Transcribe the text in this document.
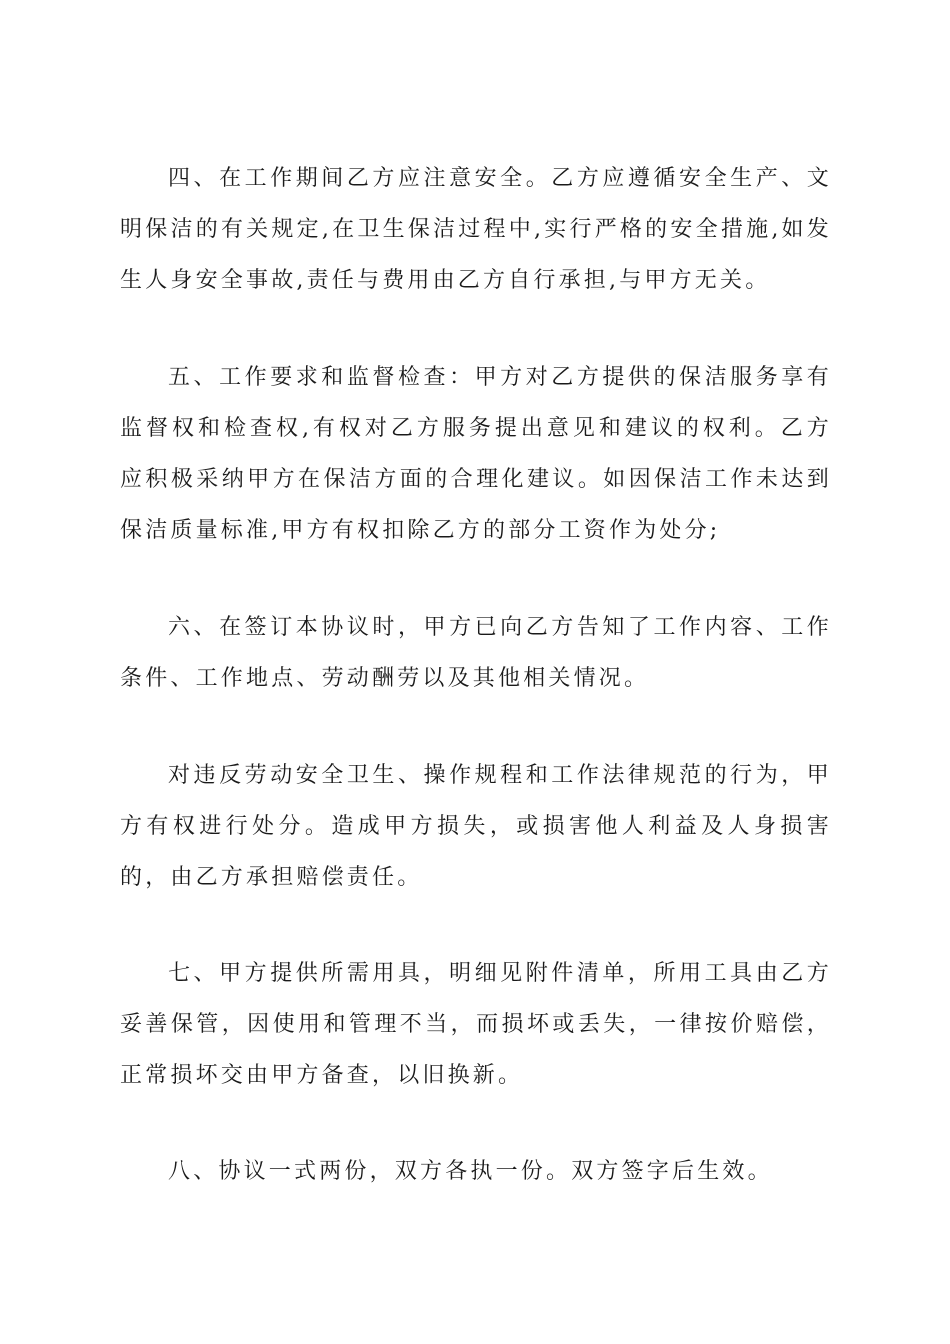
四、在工作期间乙方应注意安全。乙方应遵循安全生产、文明保洁的有关规定,在卫生保洁过程中,实行严格的安全措施,如发生人身安全事故,责任与费用由乙方自行承担,与甲方无关。

五、工作要求和监督检查：甲方对乙方提供的保洁服务享有监督权和检查权,有权对乙方服务提出意见和建议的权利。乙方应积极采纳甲方在保洁方面的合理化建议。如因保洁工作未达到保洁质量标准,甲方有权扣除乙方的部分工资作为处分;

六、在签订本协议时，甲方已向乙方告知了工作内容、工作条件、工作地点、劳动酬劳以及其他相关情况。

对违反劳动安全卫生、操作规程和工作法律规范的行为，甲方有权进行处分。造成甲方损失，或损害他人利益及人身损害的，由乙方承担赔偿责任。

七、甲方提供所需用具，明细见附件清单，所用工具由乙方妥善保管，因使用和管理不当，而损坏或丢失，一律按价赔偿，正常损坏交由甲方备查，以旧换新。

八、协议一式两份，双方各执一份。双方签字后生效。
